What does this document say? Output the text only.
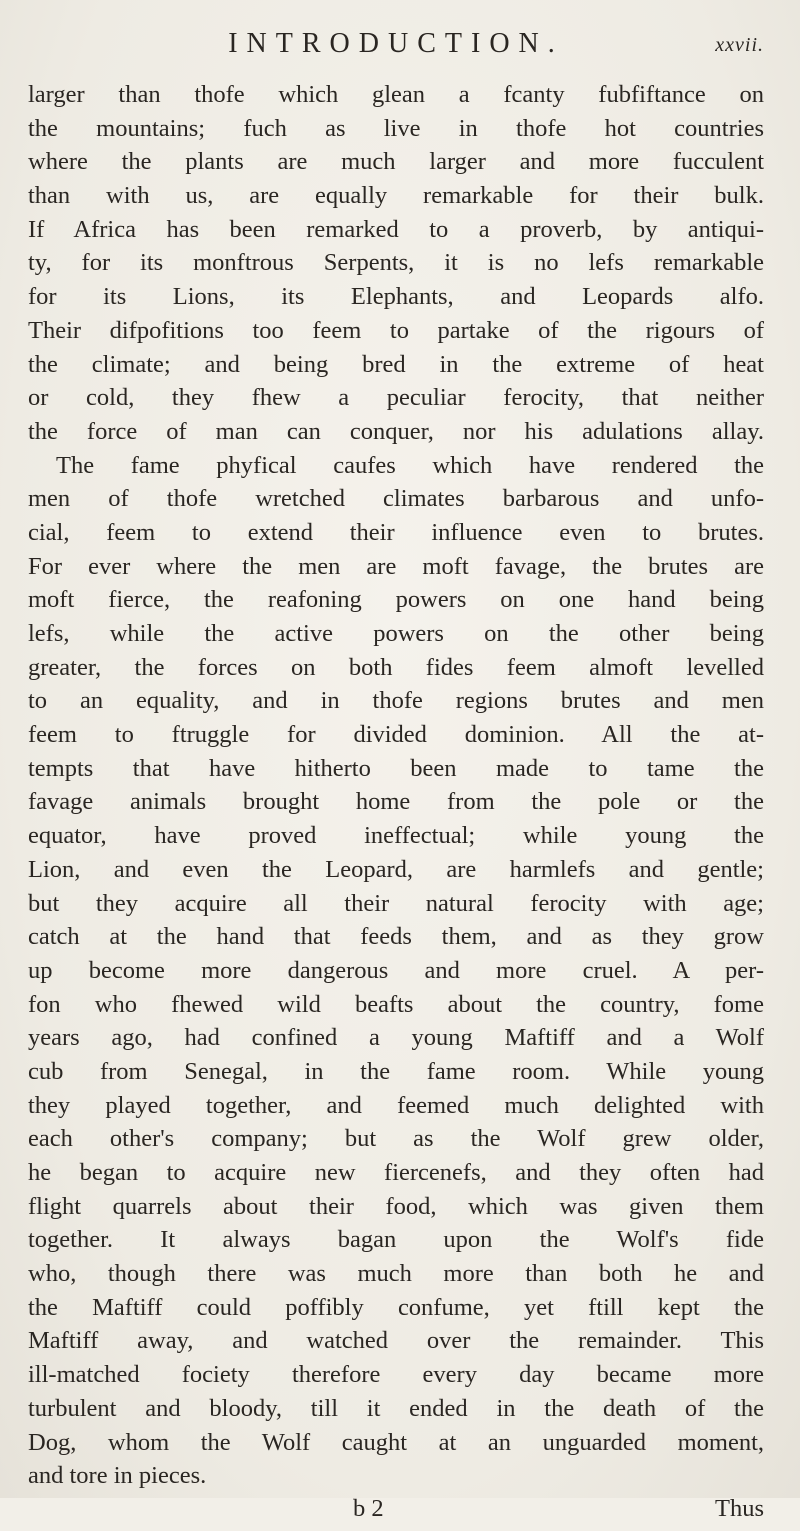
INTRODUCTION.	xxvii.
larger than thofe which glean a fcanty fubfiftance on
the mountains; fuch as live in thofe hot countries
where the plants are much larger and more fucculent
than with us, are equally remarkable for their bulk.
If Africa has been remarked to a proverb, by antiqui-
ty, for its monftrous Serpents, it is no lefs remarkable
for its Lions, its Elephants, and Leopards alfo.
Their difpofitions too feem to partake of the rigours of
the climate; and being bred in the extreme of heat
or cold, they fhew a peculiar ferocity, that neither
the force of man can conquer, nor his adulations allay.
The fame phyfical caufes which have rendered the
men of thofe wretched climates barbarous and unfo-
cial, feem to extend their influence even to brutes.
For ever where the men are moft favage, the brutes are
moft fierce, the reafoning powers on one hand being
lefs, while the active powers on the other being
greater, the forces on both fides feem almoft levelled
to an equality, and in thofe regions brutes and men
feem to ftruggle for divided dominion. All the at-
tempts that have hitherto been made to tame the
favage animals brought home from the pole or the
equator, have proved ineffectual; while young the
Lion, and even the Leopard, are harmlefs and gentle;
but they acquire all their natural ferocity with age;
catch at the hand that feeds them, and as they grow
up become more dangerous and more cruel. A per-
fon who fhewed wild beafts about the country, fome
years ago, had confined a young Maftiff and a Wolf
cub from Senegal, in the fame room. While young
they played together, and feemed much delighted with
each other's company; but as the Wolf grew older,
he began to acquire new fiercenefs, and they often had
flight quarrels about their food, which was given them
together. It always bagan upon the Wolf's fide
who, though there was much more than both he and
the Maftiff could poffibly confume, yet ftill kept the
Maftiff away, and watched over the remainder. This
ill-matched fociety therefore every day became more
turbulent and bloody, till it ended in the death of the
Dog, whom the Wolf caught at an unguarded moment,
and tore in pieces.
b 2	Thus
